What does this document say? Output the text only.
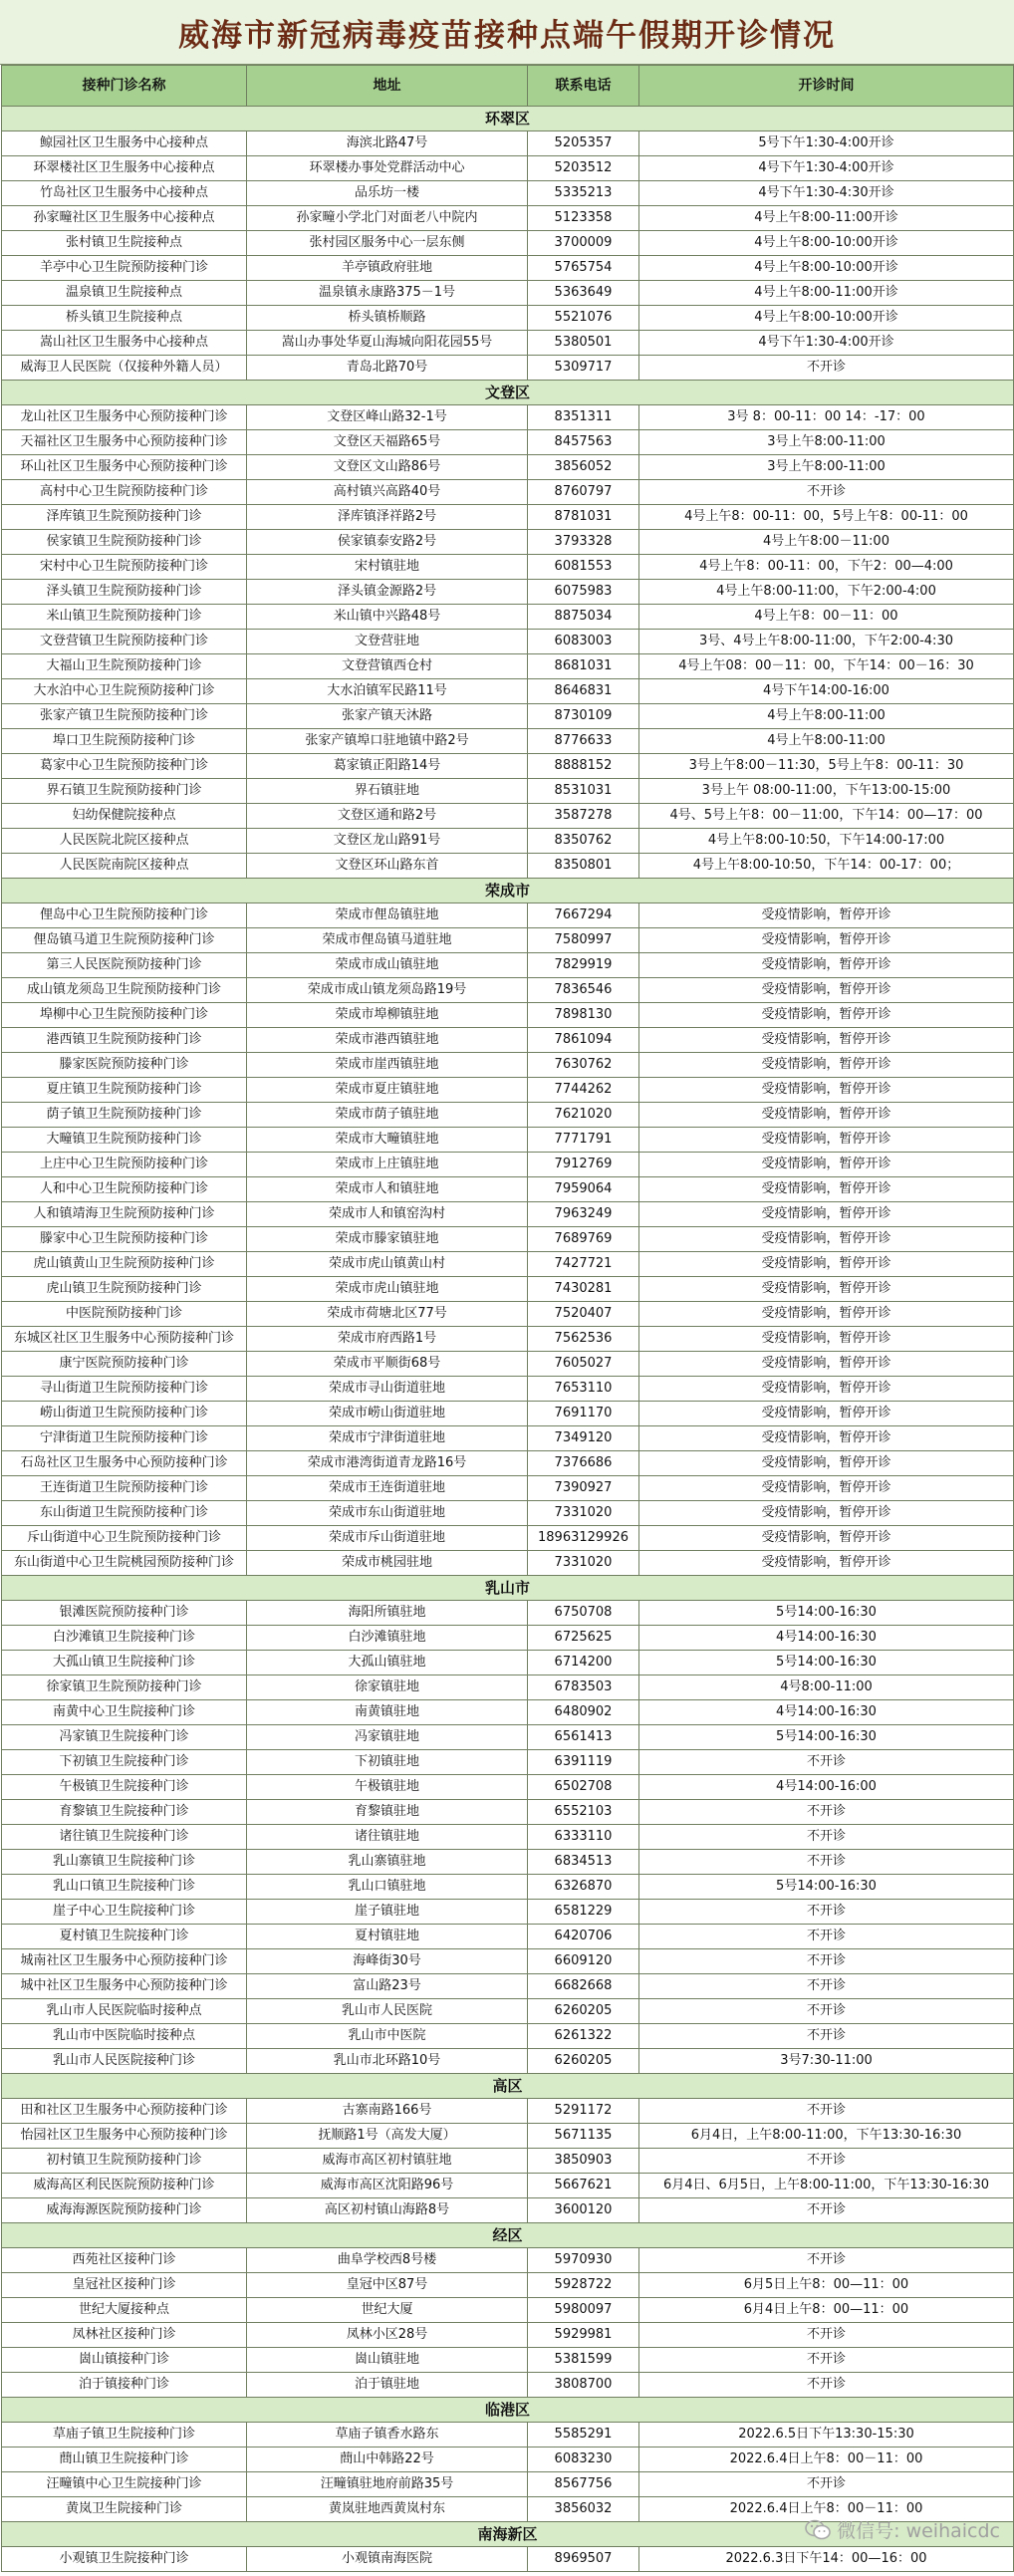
威海市新冠病毒疫苗接种点端午假期开诊情况
接种门诊名称	地址	联系电话	开诊时间
环翠区			
鲸园社区卫生服务中心接种点	海滨北路47号	5205357	5号下午1:30-4:00开诊
环翠楼社区卫生服务中心接种点	环翠楼办事处党群活动中心	5203512	4号下午1:30-4:00开诊
竹岛社区卫生服务中心接种点	品乐坊一楼	5335213	4号下午1:30-4:30开诊
孙家疃社区卫生服务中心接种点	孙家疃小学北门对面老八中院内	5123358	4号上午8:00-11:00开诊
张村镇卫生院接种点	张村园区服务中心一层东侧	3700009	4号上午8:00-10:00开诊
羊亭中心卫生院预防接种门诊	羊亭镇政府驻地	5765754	4号上午8:00-10:00开诊
温泉镇卫生院接种点	温泉镇永康路375－1号	5363649	4号上午8:00-11:00开诊
桥头镇卫生院接种点	桥头镇桥顺路	5521076	4号上午8:00-10:00开诊
嵩山社区卫生服务中心接种点	嵩山办事处华夏山海城向阳花园55号	5380501	4号下午1:30-4:00开诊
威海卫人民医院（仅接种外籍人员）	青岛北路70号	5309717	不开诊
文登区			
龙山社区卫生服务中心预防接种门诊	文登区峰山路32-1号	8351311	3号 8：00-11：00 14：-17：00
天福社区卫生服务中心预防接种门诊	文登区天福路65号	8457563	3号上午8:00-11:00
环山社区卫生服务中心预防接种门诊	文登区文山路86号	3856052	3号上午8:00-11:00
高村中心卫生院预防接种门诊	高村镇兴高路40号	8760797	不开诊
泽库镇卫生院预防接种门诊	泽库镇泽祥路2号	8781031	4号上午8：00-11：00，5号上午8：00-11：00
侯家镇卫生院预防接种门诊	侯家镇泰安路2号	3793328	4号上午8:00－11:00
宋村中心卫生院预防接种门诊	宋村镇驻地	6081553	4号上午8：00-11：00，下午2：00—4:00
泽头镇卫生院预防接种门诊	泽头镇金源路2号	6075983	4号上午8:00-11:00，下午2:00-4:00
米山镇卫生院预防接种门诊	米山镇中兴路48号	8875034	4号上午8：00－11：00
文登营镇卫生院预防接种门诊	文登营驻地	6083003	3号、4号上午8:00-11:00，下午2:00-4:30
大福山卫生院预防接种门诊	文登营镇西仓村	8681031	4号上午08：00－11：00，下午14：00－16：30
大水泊中心卫生院预防接种门诊	大水泊镇军民路11号	8646831	4号下午14:00-16:00
张家产镇卫生院预防接种门诊	张家产镇天沐路	8730109	4号上午8:00-11:00
埠口卫生院预防接种门诊	张家产镇埠口驻地镇中路2号	8776633	4号上午8:00-11:00
葛家中心卫生院预防接种门诊	葛家镇正阳路14号	8888152	3号上午8:00－11:30，5号上午8：00-11：30
界石镇卫生院预防接种门诊	界石镇驻地	8531031	3号上午 08:00-11:00，下午13:00-15:00
妇幼保健院接种点	文登区通和路2号	3587278	4号、5号上午8：00－11:00，下午14：00—17：00
人民医院北院区接种点	文登区龙山路91号	8350762	4号上午8:00-10:50，下午14:00-17:00
人民医院南院区接种点	文登区环山路东首	8350801	4号上午8:00-10:50，下午14：00-17：00；
荣成市			
俚岛中心卫生院预防接种门诊	荣成市俚岛镇驻地	7667294	受疫情影响，暂停开诊
俚岛镇马道卫生院预防接种门诊	荣成市俚岛镇马道驻地	7580997	受疫情影响，暂停开诊
第三人民医院预防接种门诊	荣成市成山镇驻地	7829919	受疫情影响，暂停开诊
成山镇龙须岛卫生院预防接种门诊	荣成市成山镇龙须岛路19号	7836546	受疫情影响，暂停开诊
埠柳中心卫生院预防接种门诊	荣成市埠柳镇驻地	7898130	受疫情影响，暂停开诊
港西镇卫生院预防接种门诊	荣成市港西镇驻地	7861094	受疫情影响，暂停开诊
滕家医院预防接种门诊	荣成市崖西镇驻地	7630762	受疫情影响，暂停开诊
夏庄镇卫生院预防接种门诊	荣成市夏庄镇驻地	7744262	受疫情影响，暂停开诊
荫子镇卫生院预防接种门诊	荣成市荫子镇驻地	7621020	受疫情影响，暂停开诊
大疃镇卫生院预防接种门诊	荣成市大疃镇驻地	7771791	受疫情影响，暂停开诊
上庄中心卫生院预防接种门诊	荣成市上庄镇驻地	7912769	受疫情影响，暂停开诊
人和中心卫生院预防接种门诊	荣成市人和镇驻地	7959064	受疫情影响，暂停开诊
人和镇靖海卫生院预防接种门诊	荣成市人和镇窑沟村	7963249	受疫情影响，暂停开诊
滕家中心卫生院预防接种门诊	荣成市滕家镇驻地	7689769	受疫情影响，暂停开诊
虎山镇黄山卫生院预防接种门诊	荣成市虎山镇黄山村	7427721	受疫情影响，暂停开诊
虎山镇卫生院预防接种门诊	荣成市虎山镇驻地	7430281	受疫情影响，暂停开诊
中医院预防接种门诊	荣成市荷塘北区77号	7520407	受疫情影响，暂停开诊
东城区社区卫生服务中心预防接种门诊	荣成市府西路1号	7562536	受疫情影响，暂停开诊
康宁医院预防接种门诊	荣成市平顺街68号	7605027	受疫情影响，暂停开诊
寻山街道卫生院预防接种门诊	荣成市寻山街道驻地	7653110	受疫情影响，暂停开诊
崂山街道卫生院预防接种门诊	荣成市崂山街道驻地	7691170	受疫情影响，暂停开诊
宁津街道卫生院预防接种门诊	荣成市宁津街道驻地	7349120	受疫情影响，暂停开诊
石岛社区卫生服务中心预防接种门诊	荣成市港湾街道青龙路16号	7376686	受疫情影响，暂停开诊
王连街道卫生院预防接种门诊	荣成市王连街道驻地	7390927	受疫情影响，暂停开诊
东山街道卫生院预防接种门诊	荣成市东山街道驻地	7331020	受疫情影响，暂停开诊
斥山街道中心卫生院预防接种门诊	荣成市斥山街道驻地	18963129926	受疫情影响，暂停开诊
东山街道中心卫生院桃园预防接种门诊	荣成市桃园驻地	7331020	受疫情影响，暂停开诊
乳山市			
银滩医院预防接种门诊	海阳所镇驻地	6750708	5号14:00-16:30
白沙滩镇卫生院接种门诊	白沙滩镇驻地	6725625	4号14:00-16:30
大孤山镇卫生院接种门诊	大孤山镇驻地	6714200	5号14:00-16:30
徐家镇卫生院预防接种门诊	徐家镇驻地	6783503	4号8:00-11:00
南黄中心卫生院接种门诊	南黄镇驻地	6480902	4号14:00-16:30
冯家镇卫生院接种门诊	冯家镇驻地	6561413	5号14:00-16:30
下初镇卫生院接种门诊	下初镇驻地	6391119	不开诊
午极镇卫生院接种门诊	午极镇驻地	6502708	4号14:00-16:00
育黎镇卫生院接种门诊	育黎镇驻地	6552103	不开诊
诸往镇卫生院接种门诊	诸往镇驻地	6333110	不开诊
乳山寨镇卫生院接种门诊	乳山寨镇驻地	6834513	不开诊
乳山口镇卫生院接种门诊	乳山口镇驻地	6326870	5号14:00-16:30
崖子中心卫生院接种门诊	崖子镇驻地	6581229	不开诊
夏村镇卫生院接种门诊	夏村镇驻地	6420706	不开诊
城南社区卫生服务中心预防接种门诊	海峰街30号	6609120	不开诊
城中社区卫生服务中心预防接种门诊	富山路23号	6682668	不开诊
乳山市人民医院临时接种点	乳山市人民医院	6260205	不开诊
乳山市中医院临时接种点	乳山市中医院	6261322	不开诊
乳山市人民医院接种门诊	乳山市北环路10号	6260205	3号7:30-11:00
高区			
田和社区卫生服务中心预防接种门诊	古寨南路166号	5291172	不开诊
怡园社区卫生服务中心预防接种门诊	抚顺路1号（高发大厦）	5671135	6月4日，上午8:00-11:00，下午13:30-16:30
初村镇卫生院预防接种门诊	威海市高区初村镇驻地	3850903	不开诊
威海高区利民医院预防接种门诊	威海市高区沈阳路96号	5667621	6月4日、6月5日，上午8:00-11:00，下午13:30-16:30
威海海源医院预防接种门诊	高区初村镇山海路8号	3600120	不开诊
经区			
西苑社区接种门诊	曲阜学校西8号楼	5970930	不开诊
皇冠社区接种门诊	皇冠中区87号	5928722	6月5日上午8：00—11：00
世纪大厦接种点	世纪大厦	5980097	6月4日上午8：00—11：00
凤林社区接种门诊	凤林小区28号	5929981	不开诊
崮山镇接种门诊	崮山镇驻地	5381599	不开诊
泊于镇接种门诊	泊于镇驻地	3808700	不开诊
临港区			
草庙子镇卫生院接种门诊	草庙子镇香水路东	5585291	2022.6.5日下午13:30-15:30
蔄山镇卫生院接种门诊	蔄山中韩路22号	6083230	2022.6.4日上午8：00－11：00
汪疃镇中心卫生院接种门诊	汪疃镇驻地府前路35号	8567756	不开诊
黄岚卫生院接种门诊	黄岚驻地西黄岚村东	3856032	2022.6.4日上午8：00－11：00
南海新区			
小观镇卫生院接种门诊	小观镇南海医院	8969507	2022.6.3日下午14：00—16：00
微信号: weihaicdc
